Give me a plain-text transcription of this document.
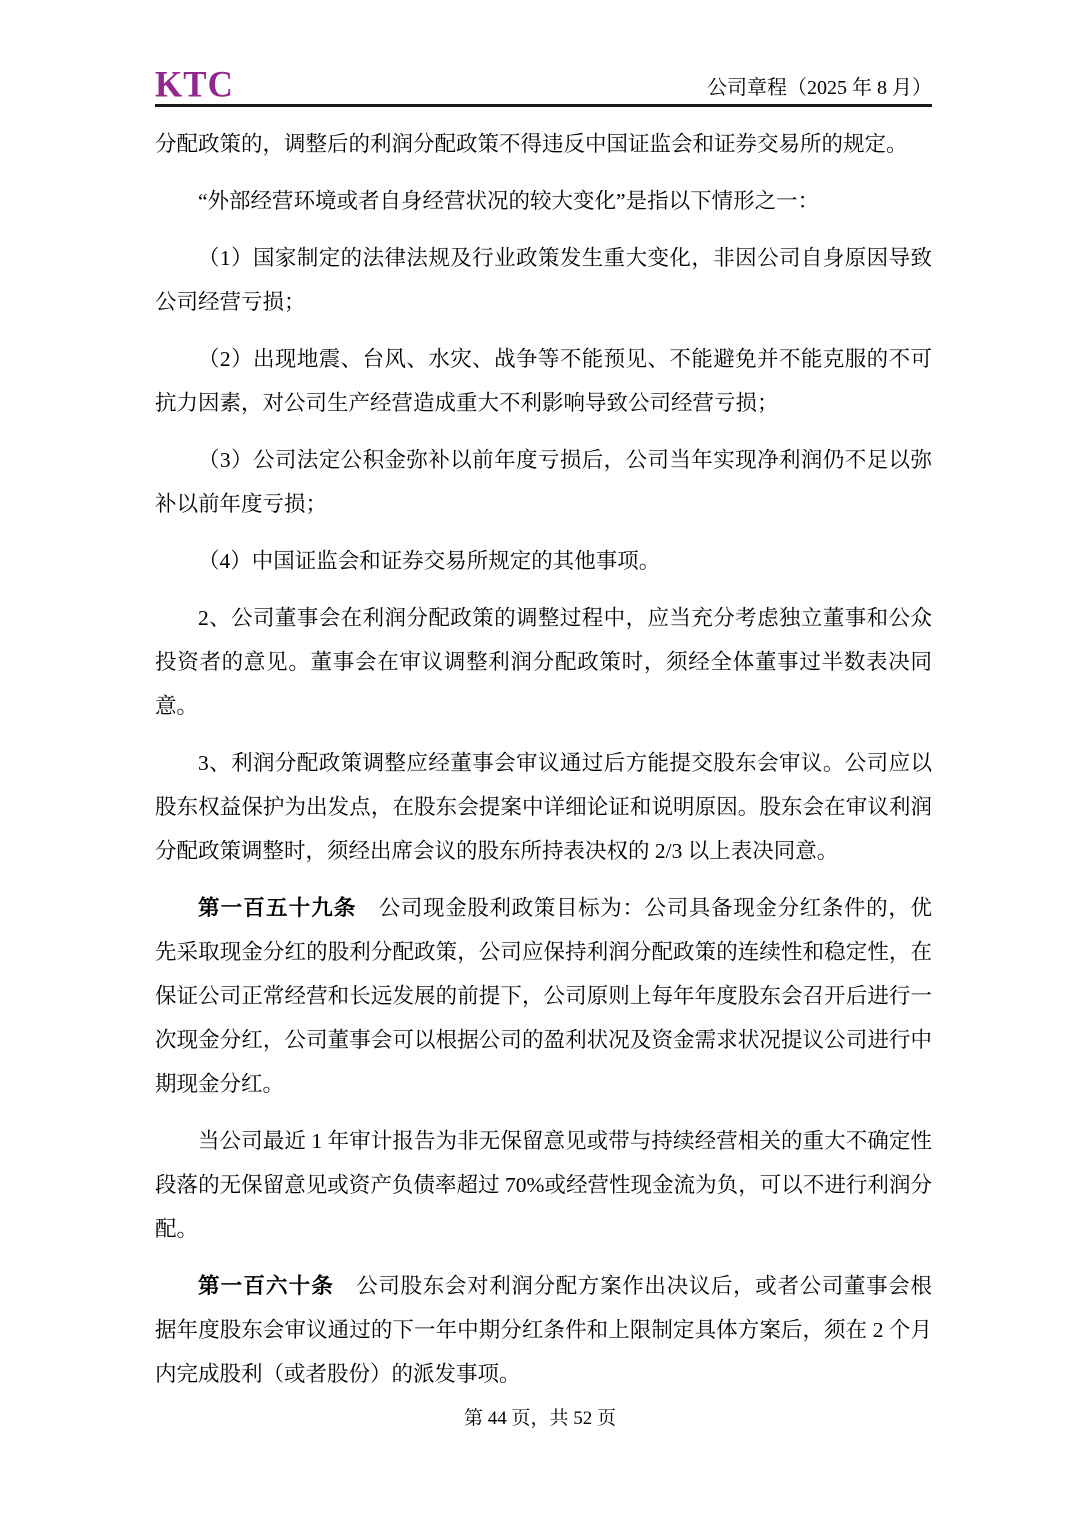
KTC	公司章程（2025 年 8 月）

分配政策的，调整后的利润分配政策不得违反中国证监会和证券交易所的规定。

“外部经营环境或者自身经营状况的较大变化”是指以下情形之一：

（1）国家制定的法律法规及行业政策发生重大变化，非因公司自身原因导致公司经营亏损；

（2）出现地震、台风、水灾、战争等不能预见、不能避免并不能克服的不可抗力因素，对公司生产经营造成重大不利影响导致公司经营亏损；

（3）公司法定公积金弥补以前年度亏损后，公司当年实现净利润仍不足以弥补以前年度亏损；

（4）中国证监会和证券交易所规定的其他事项。

2、公司董事会在利润分配政策的调整过程中，应当充分考虑独立董事和公众投资者的意见。董事会在审议调整利润分配政策时，须经全体董事过半数表决同意。

3、利润分配政策调整应经董事会审议通过后方能提交股东会审议。公司应以股东权益保护为出发点，在股东会提案中详细论证和说明原因。股东会在审议利润分配政策调整时，须经出席会议的股东所持表决权的 2/3 以上表决同意。

第一百五十九条　公司现金股利政策目标为：公司具备现金分红条件的，优先采取现金分红的股利分配政策，公司应保持利润分配政策的连续性和稳定性，在保证公司正常经营和长远发展的前提下，公司原则上每年年度股东会召开后进行一次现金分红，公司董事会可以根据公司的盈利状况及资金需求状况提议公司进行中期现金分红。

当公司最近 1 年审计报告为非无保留意见或带与持续经营相关的重大不确定性段落的无保留意见或资产负债率超过 70%或经营性现金流为负，可以不进行利润分配。

第一百六十条　公司股东会对利润分配方案作出决议后，或者公司董事会根据年度股东会审议通过的下一年中期分红条件和上限制定具体方案后，须在 2 个月内完成股利（或者股份）的派发事项。

第 44 页，共 52 页
